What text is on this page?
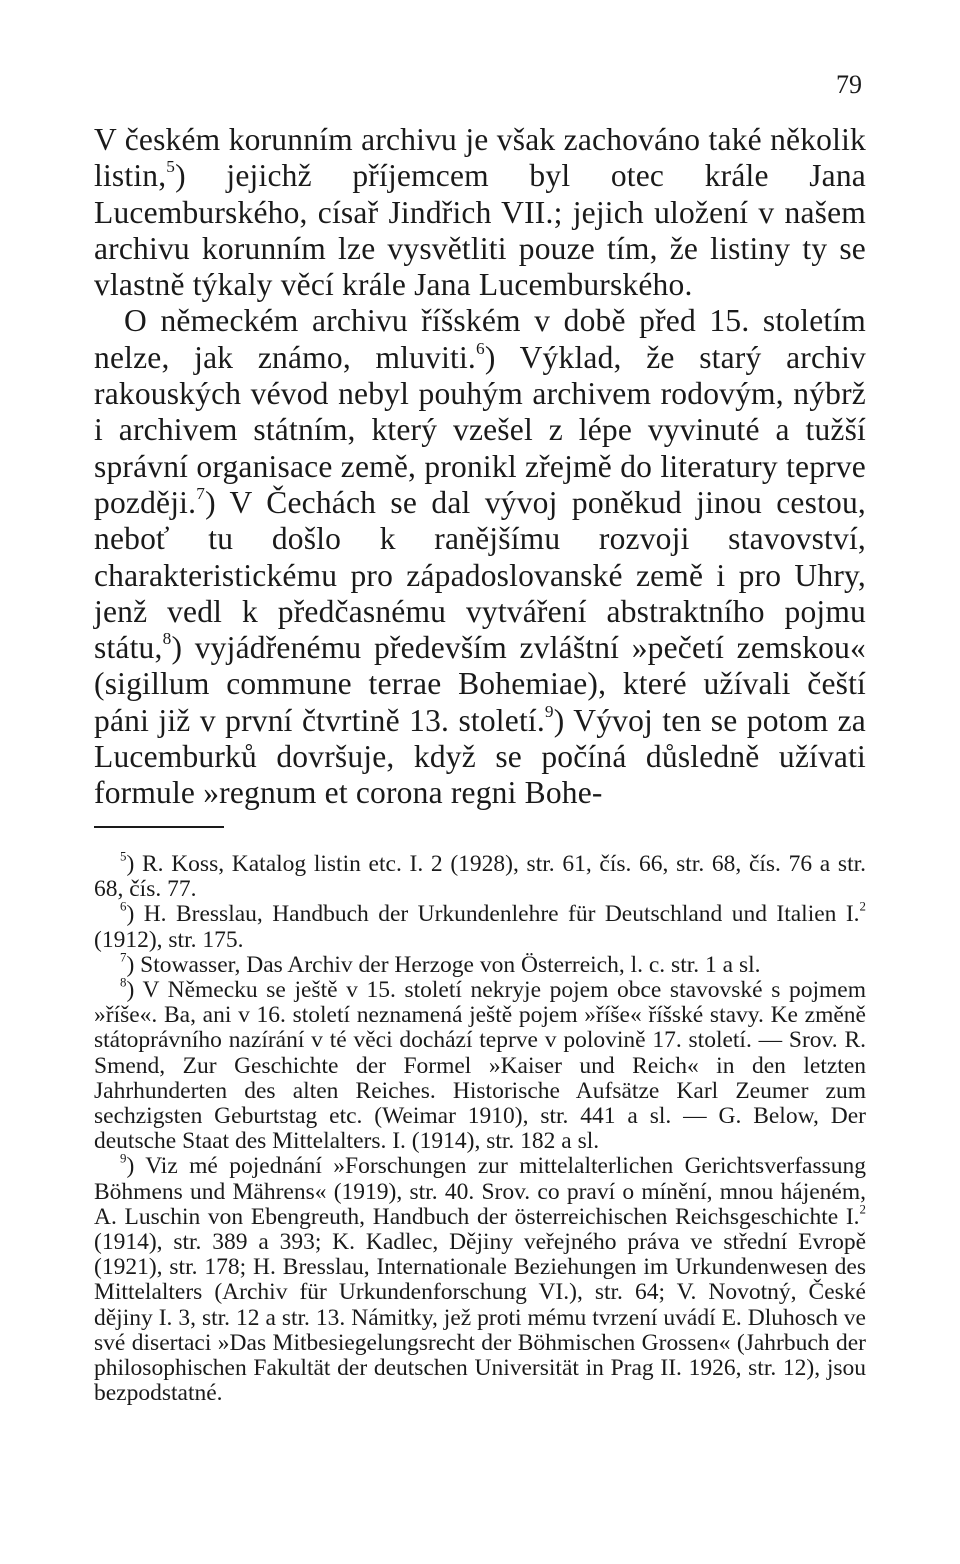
79

V českém korunním archivu je však zachováno také několik listin,$^5$) jejichž příjemcem byl otec krále Jana Lucemburského, císař Jindřich VII.; jejich uložení v našem archivu korunním lze vysvětliti pouze tím, že listiny ty se vlastně týkaly věcí krále Jana Lucemburského.

O německém archivu říšském v době před 15. stoletím nelze, jak známo, mluviti.$^6$) Výklad, že starý archiv rakouských vévod nebyl pouhým archivem rodovým, nýbrž i archivem státním, který vzešel z lépe vyvinuté a tužší správní organisace země, pronikl zřejmě do literatury teprve později.$^7$) V Čechách se dal vývoj poněkud jinou cestou, neboť tu došlo k ranějšímu rozvoji stavovství, charakteristickému pro západoslovanské země i pro Uhry, jenž vedl k předčasnému vytváření abstraktního pojmu státu,$^8$) vyjádřenému především zvláštní »pečetí zemskou« (sigillum commune terrae Bohemiae), které užívali čeští páni již v první čtvrtině 13. století.$^9$) Vývoj ten se potom za Lucemburků dovršuje, když se počíná důsledně užívati formule »regnum et corona regni Bohe-

$^5$) R. Koss, Katalog listin etc. I. 2 (1928), str. 61, čís. 66, str. 68, čís. 76 a str. 68, čís. 77.

$^6$) H. Bresslau, Handbuch der Urkundenlehre für Deutschland und Italien I.$^2$ (1912), str. 175.

$^7$) Stowasser, Das Archiv der Herzoge von Österreich, l. c. str. 1 a sl.

$^8$) V Německu se ještě v 15. století nekryje pojem obce stavovské s pojmem »říše«. Ba, ani v 16. století neznamená ještě pojem »říše« říšské stavy. Ke změně státoprávního nazírání v té věci dochází teprve v polovině 17. století. — Srov. R. Smend, Zur Geschichte der Formel »Kaiser und Reich« in den letzten Jahrhunderten des alten Reiches. Historische Aufsätze Karl Zeumer zum sechzigsten Geburtstag etc. (Weimar 1910), str. 441 a sl. — G. Below, Der deutsche Staat des Mittelalters. I. (1914), str. 182 a sl.

$^9$) Viz mé pojednání »Forschungen zur mittelalterlichen Gerichtsverfassung Böhmens und Mährens« (1919), str. 40. Srov. co praví o mínění, mnou hájeném, A. Luschin von Ebengreuth, Handbuch der österreichischen Reichsgeschichte I.$^2$ (1914), str. 389 a 393; K. Kadlec, Dějiny veřejného práva ve střední Evropě (1921), str. 178; H. Bresslau, Internationale Beziehungen im Urkundenwesen des Mittelalters (Archiv für Urkundenforschung VI.), str. 64; V. Novotný, České dějiny I. 3, str. 12 a str. 13. Námitky, jež proti mému tvrzení uvádí E. Dluhosch ve své disertaci »Das Mitbesiegelungsrecht der Böhmischen Grossen« (Jahrbuch der philosophischen Fakultät der deutschen Universität in Prag II. 1926, str. 12), jsou bezpodstatné.
